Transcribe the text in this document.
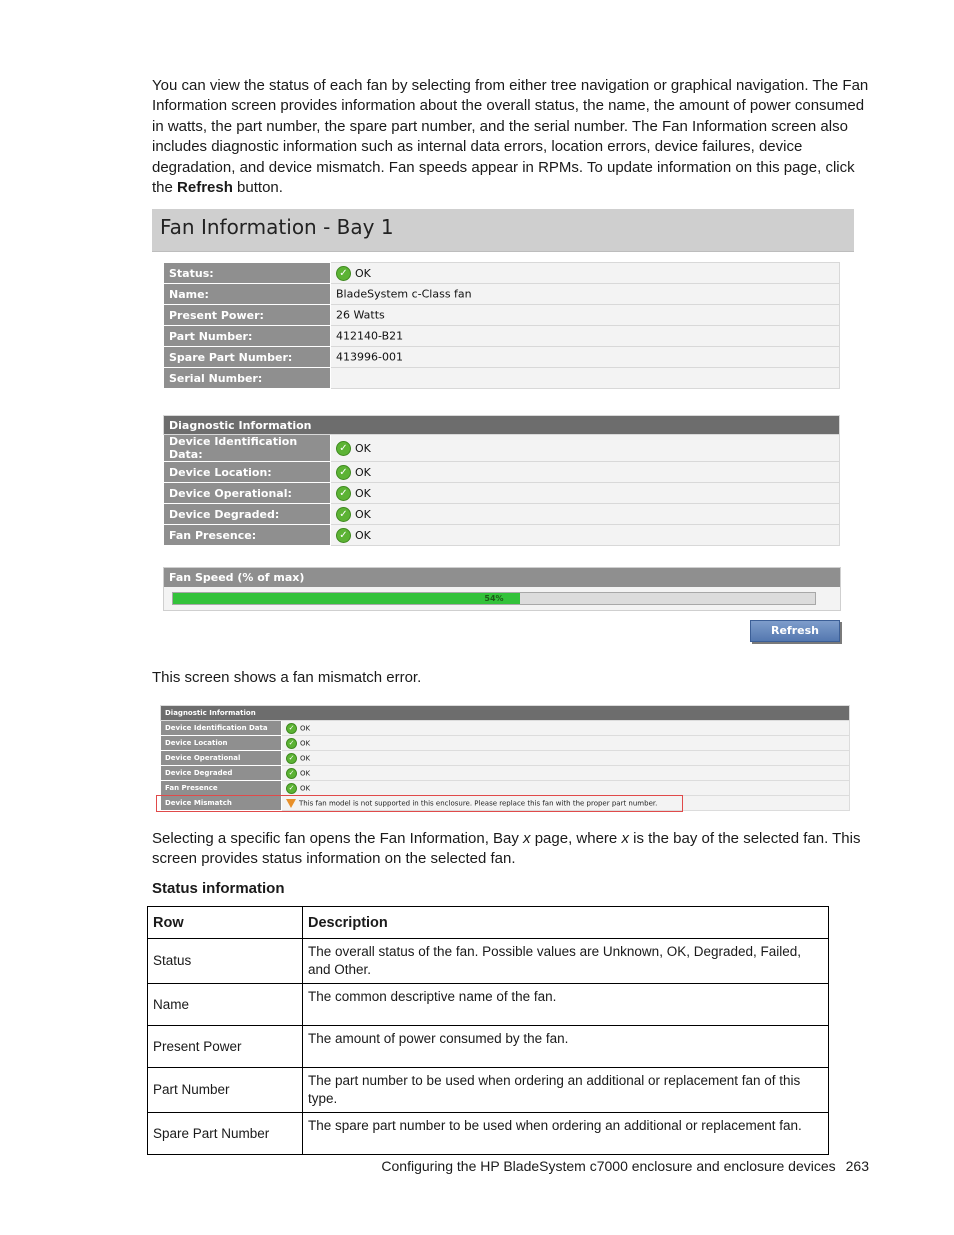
You can view the status of each fan by selecting from either tree navigation or graphical navigation. The Fan Information screen provides information about the overall status, the name, the amount of power consumed in watts, the part number, the spare part number, and the serial number. The Fan Information screen also includes diagnostic information such as internal data errors, location errors, device failures, device degradation, and device mismatch. Fan speeds appear in RPMs. To update information on this page, click the Refresh button.

Fan Information - Bay 1
Status:	✓ OK
Name:	BladeSystem c-Class fan
Present Power:	26 Watts
Part Number:	412140-B21
Spare Part Number:	413996-001
Serial Number:	
Diagnostic Information	
Device Identification Data:	✓ OK
Device Location:	✓ OK
Device Operational:	✓ OK
Device Degraded:	✓ OK
Fan Presence:	✓ OK
Fan Speed (% of max)
54%
Refresh

This screen shows a fan mismatch error.

Diagnostic Information	
Device Identification Data	✓ OK
Device Location	✓ OK
Device Operational	✓ OK
Device Degraded	✓ OK
Fan Presence	✓ OK
Device Mismatch	This fan model is not supported in this enclosure. Please replace this fan with the proper part number.

Selecting a specific fan opens the Fan Information, Bay x page, where x is the bay of the selected fan. This screen provides status information on the selected fan.

Status information
Row	Description
Status	The overall status of the fan. Possible values are Unknown, OK, Degraded, Failed, and Other.
Name	The common descriptive name of the fan.
Present Power	The amount of power consumed by the fan.
Part Number	The part number to be used when ordering an additional or replacement fan of this type.
Spare Part Number	The spare part number to be used when ordering an additional or replacement fan.
Configuring the HP BladeSystem c7000 enclosure and enclosure devices 263
